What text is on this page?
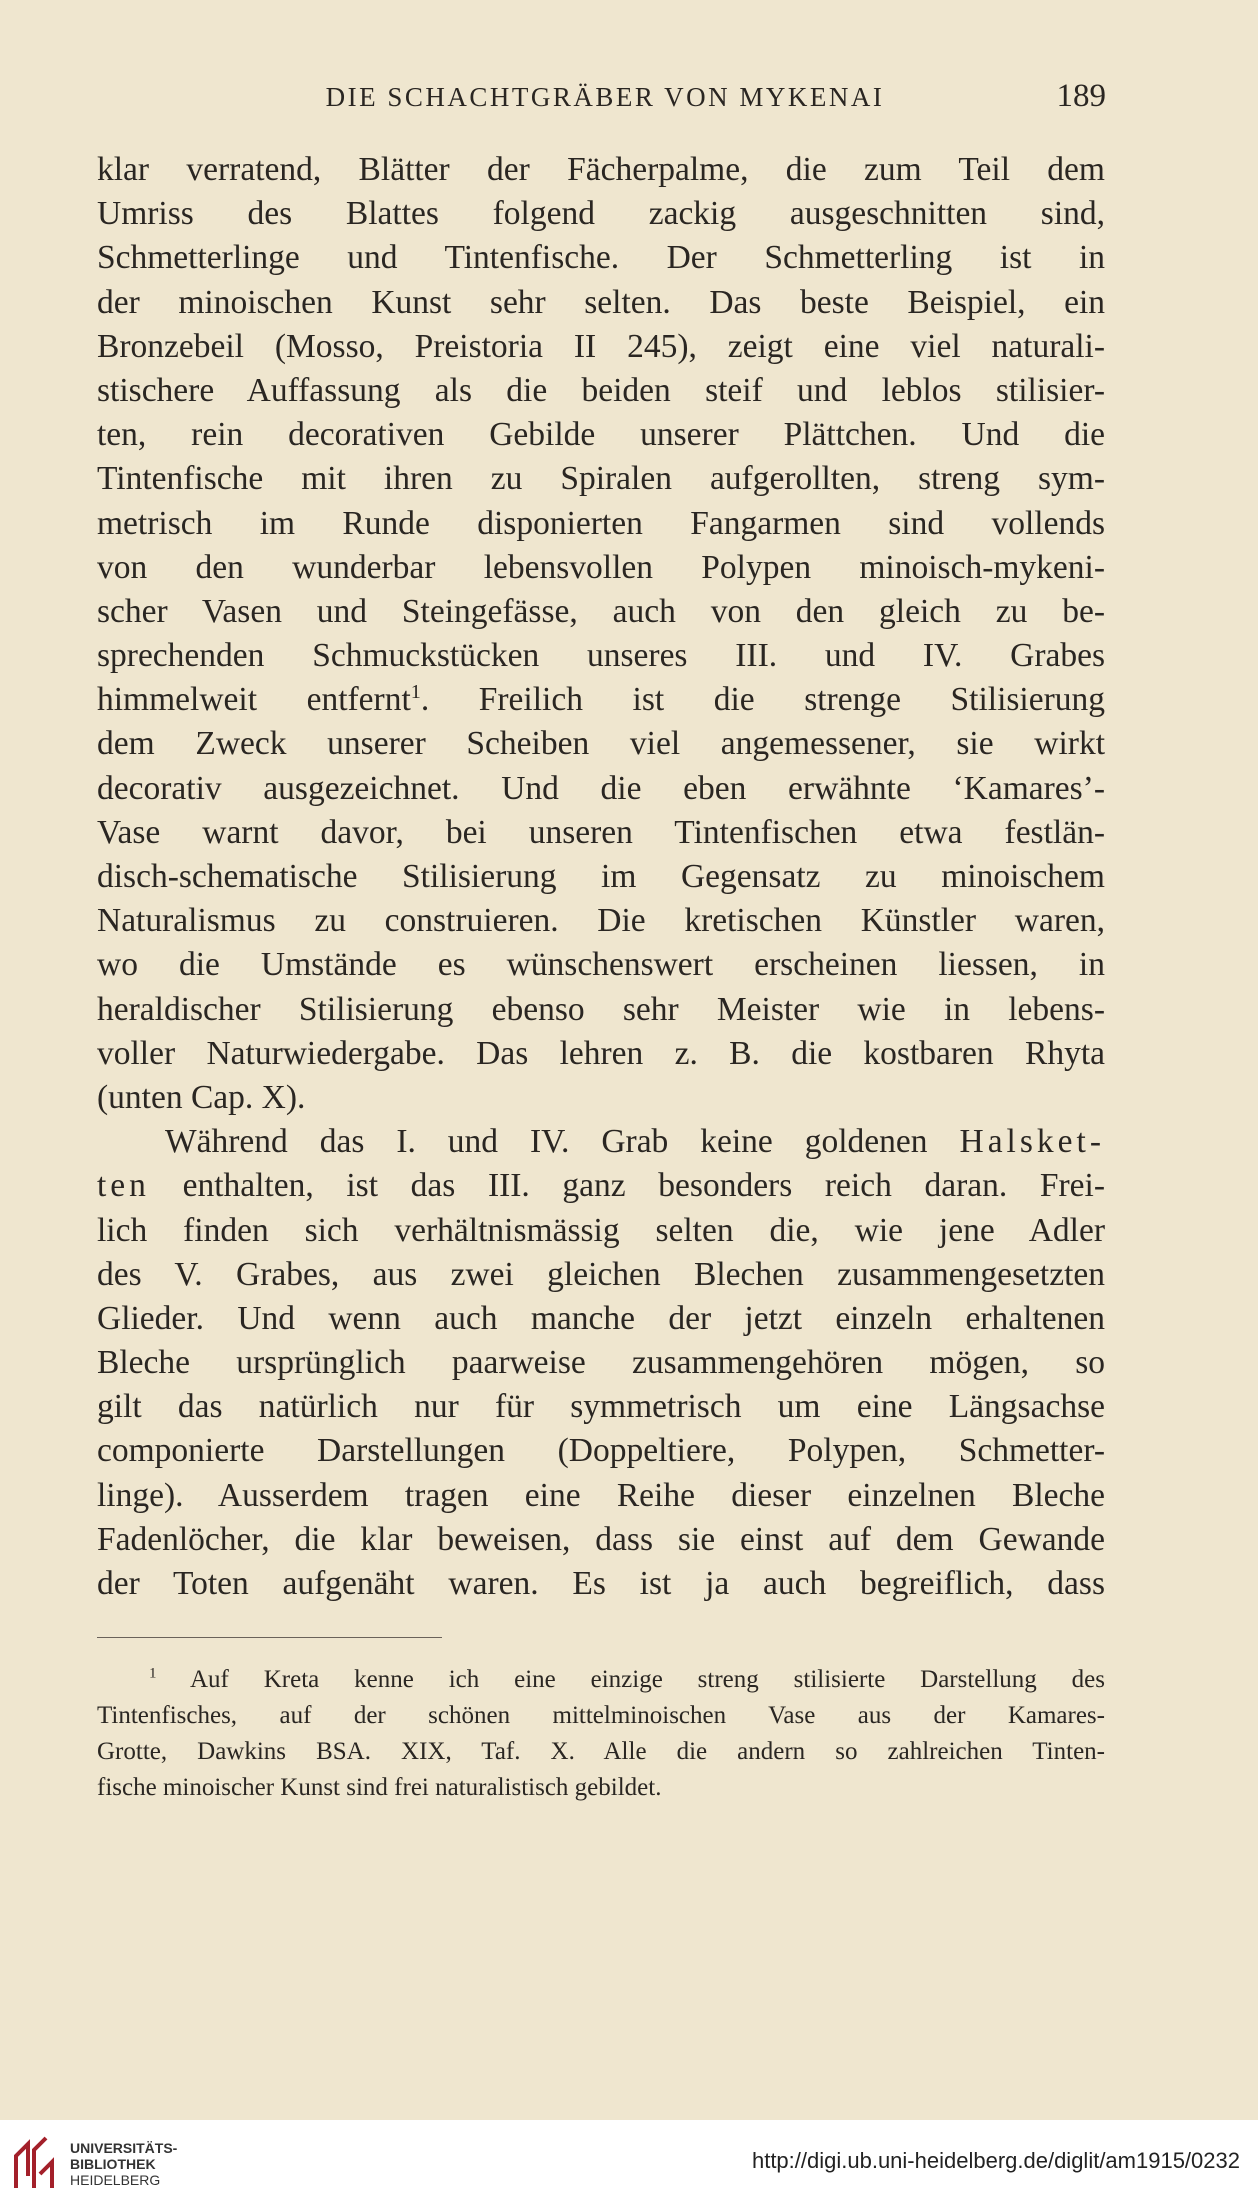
DIE SCHACHTGRÄBER VON MYKENAI	189
klar verratend, Blätter der Fächerpalme, die zum Teil dem
Umriss des Blattes folgend zackig ausgeschnitten sind,
Schmetterlinge und Tintenfische. Der Schmetterling ist in
der minoischen Kunst sehr selten. Das beste Beispiel, ein
Bronzebeil (Mosso, Preistoria II 245), zeigt eine viel naturali-
stischere Auffassung als die beiden steif und leblos stilisier-
ten, rein decorativen Gebilde unserer Plättchen. Und die
Tintenfische mit ihren zu Spiralen aufgerollten, streng sym-
metrisch im Runde disponierten Fangarmen sind vollends
von den wunderbar lebensvollen Polypen minoisch-mykeni-
scher Vasen und Steingefässe, auch von den gleich zu be-
sprechenden Schmuckstücken unseres III. und IV. Grabes
himmelweit entfernt$^1$. Freilich ist die strenge Stilisierung
dem Zweck unserer Scheiben viel angemessener, sie wirkt
decorativ ausgezeichnet. Und die eben erwähnte ‘Kamares’-
Vase warnt davor, bei unseren Tintenfischen etwa festlän-
disch-schematische Stilisierung im Gegensatz zu minoischem
Naturalismus zu construieren. Die kretischen Künstler waren,
wo die Umstände es wünschenswert erscheinen liessen, in
heraldischer Stilisierung ebenso sehr Meister wie in lebens-
voller Naturwiedergabe. Das lehren z. B. die kostbaren Rhyta
(unten Cap. X).
Während das I. und IV. Grab keine goldenen Halsket-
ten enthalten, ist das III. ganz besonders reich daran. Frei-
lich finden sich verhältnismässig selten die, wie jene Adler
des V. Grabes, aus zwei gleichen Blechen zusammengesetzten
Glieder. Und wenn auch manche der jetzt einzeln erhaltenen
Bleche ursprünglich paarweise zusammengehören mögen, so
gilt das natürlich nur für symmetrisch um eine Längsachse
componierte Darstellungen (Doppeltiere, Polypen, Schmetter-
linge). Ausserdem tragen eine Reihe dieser einzelnen Bleche
Fadenlöcher, die klar beweisen, dass sie einst auf dem Gewande
der Toten aufgenäht waren. Es ist ja auch begreiflich, dass
$^1$ Auf Kreta kenne ich eine einzige streng stilisierte Darstellung des
Tintenfisches, auf der schönen mittelminoischen Vase aus der Kamares-
Grotte, Dawkins BSA. XIX, Taf. X. Alle die andern so zahlreichen Tinten-
fische minoischer Kunst sind frei naturalistisch gebildet.
UNIVERSITÄTS-
BIBLIOTHEK
HEIDELBERG
http://digi.ub.uni-heidelberg.de/diglit/am1915/0232
